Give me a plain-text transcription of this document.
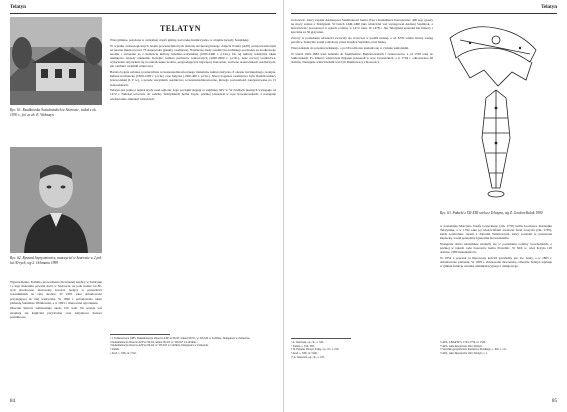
Telatyn
Ryc. 61. Rzadkowska Świadawskich w Szurowie, widok z ok. 1930 r., fot. ze zb. E. Wołoszyn
Ryc. 62. Ryszard Szpryomowicz, nauczyciel w Szurowie w 2 poł. lat 30-tych, wg 2. Ochmana 1999
TELATYN

Wieś gminna, położona w centralnej części gminy, nad rzeką Kamiczywka, w obrębie Grzędy Sokalskiej.

W wyniku archeologicznych badań powierzchniowych metodą Archeologicznego Zdjęcia Polski (AZP) przeprowadzonym na terenie miejscowości 73 stanowiska (punkty osadnicze). Najstarsze ślady osadnictwa ludzkiego pochodzą ze środkowego neolitu i związane są z ludnością kultury lubelsko-wołyńskiej (4700-3400 r. p.Chr.). Do tej kultury należymy także ułamkowe zespoły znalezisk. Kolejne, kultura pucharów lejkowatych (4200-2900 r. p.Chr.), nasz rozwój osadnictwa, wyłączenie terytorium się na zakończenie neolitu, przypadających najwięcej stanowisk, zarówno stanowiskach osadniczych, jak i kultura ceramiki sznurowej.

Bardzo bogata zebrana powierzchnia wczesnośredniowiecznego materiału, kultura łużycka. Z okresu trzcinieckiego, kolejna, kultura trzciniecka (1600-1200 r. p.Chr.) oraz łużycka (1300-400 r. p.Chr.). Nieco bogatsze osadnictwo było śladem kultury przeworskiej (I-V w.), a przede wszystkim osadnictwo wczesnośredniowieczne, którego pozostałości zarejestrowane na 15 stanowiskach.

Telatyn jest jedną z najstarszych osad regionu. Jego początki sięgają co najmniej XIV w. W źródłach pisanych występuje od 1472 r. Należał wówczas do rodziny Telatyńskich herbu Topór, później przeszedł w ręce Kroczkowskich, a następnie wielokrotnie zmieniał właścicieli.

Wyprzedzenie. Pomimo prowadzenia drewnianej kaplicy w Telatynie i z tego materiału powstał dwór w Szurowie, na polu koniec lat 80-tych zbudowano murowany kościół, będący w przeszłości rozsadnikiem na całą okolicę. W 1991 roku dobudowano przylegającą do niej wieżyczkę. W 1990 r. pobudowano także plebanię Stanisław Wiśniewski, a w 1993 r. murowane ogrodzenie.

Obecnie Szurów zamieszkuje około 150 osób. Na terenie wsi znajdują się kapliczki przydrożne oraz zabytkowe drzewa pomnikowe.

¹ J. Tomaszewicz 1983, Dokumentacja zbiorów AZP ze 90-93, arkusz 90-91, w: WUOZ w Lublinie, Delegatura w Zamościu.

² Dokumentacja zbiorów AZP ze 90-94, arkusz 90-93, w: WUOZ w Lublinie.

³ Dokumentacja zbiorów AZP ze 90-94, w: WUOZ w Lublinie, Delegatura w Zamościu.

⁴ Tamże.

⁵ AGZ, t. XIX, nr 1742.

84
Telatyn

Gołczewic, który zapisał Andrzejowi Szembokowi herbu Wąż i Kaziemierz Kuraciewiec 400 kop groszy na mocy zapisu z Telatynem. W latach 1449-1490 jako właściciel wsi występował Andrzej Szembok, a Kuraciewiec pozostawał w rękach rodziny w 1472 roku. W 1478 r. Jan Telatyński sprzedał łan kmiecy i karczmę za 50 grzywien.

Zwroty w posiadaniu własności zwracały się wówczas w parafii ruskiej, a od XVII wieku dawny zasięg parafii w Telatynie został rozłożony przez Kaplicę Szpitalną oraz Suską.

Wieś należała do powiatu bełskiego, a po III rozbiorze znalazła się w cyrkule zamojskim.

W latach 1601-1682 wieś należała do Szembeków, Budzanowskich i Gniewoszów, a od 1700 roku do Sułkowskich. Po śmierci właściciela majątek przeszedł w ręce Czarneckich, a w 1794 r. odnotowano 46 domów. Następnie właścicielami wsi byli Dunikowscy i Kowerscy.

Ryc. 63. Pałucki z XII-XIII wieku z Telatyna, wg Z. Gordon-Kulak 1990

w posiadaniu Marcjana Józefa Gozyckiego (zm. 1735) herbu Gozdawa, marszałka Telatyńska, a w 1794 roku jej właścicielami zostawał Józef Gozycki (zm. 1795), kiedy kontrolaki, razem z dobrami Wiśniowicza, który posiadał tę przestrzeń kupiecką, został sprzedany Ignacemu Kowerskiemu.

Następnie dobra telatyńskie znalazły się w posiadaniu rodziny Grocholskich, a później w rękach rodu Łaszczów herbu Prawdzic. W XIX w. wieś liczyła 120 domów i 980 mieszkańców.

W 1854 r. powstał tu murowany kościół parafialny pw. św. Anny, a w 1865 r. dobudowano plebanię. W 1905 r. zbudowano dzwonnicę. Obecnie Telatyn zajmuje w gminie funkcję ośrodka administracyjnego i usługowego.

⁶ A. Janeczek, op. cit., s. 345.

⁷ Tamże, s. 352, 359.

⁸ W. Pałucki, Drogi i trakty, op. cit., s. 210.

⁹ AGZ, t. XIX, nr 3146.

¹⁰ A. Janeczek, op. cit., s. 197.

¹¹ APL, CBARTUS, 1743-1756, nr 1520.

¹² APL, Akta hipoteczne dóbr Telatyn.

¹³ Słownik geograficzny Królestwa Polskiego, t. XII, s. 111.

¹⁴ APL, Akta hipoteczne dóbr Telatyn, s. 1.

85
